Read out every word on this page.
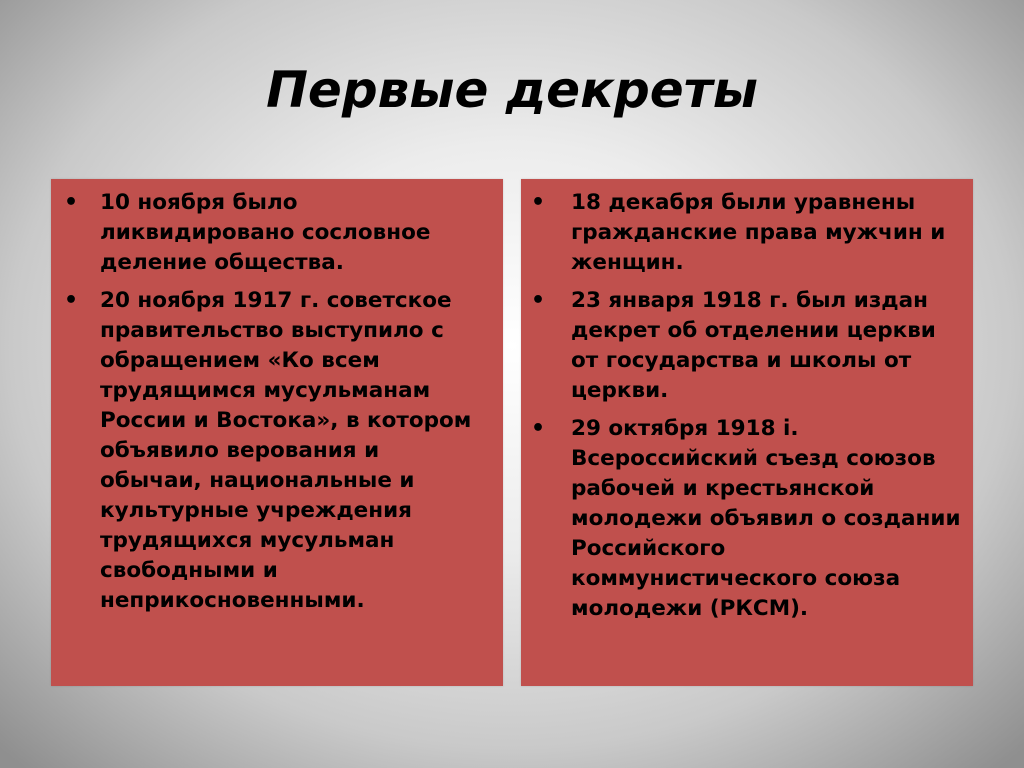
Первые декреты
•
10 ноября было ликвидировано сословное деление общества.
•
20 ноября 1917 г. советское правительство выступило с обращением «Ко всем трудящимся мусульманам России и Востока», в котором объявило верования и обычаи, национальные и культурные учреждения трудящихся мусульман свободными и неприкосновенными.
•
18 декабря были уравнены гражданские права мужчин и женщин.
•
23 января 1918 г. был издан декрет об отделении церкви от государства и школы от церкви.
•
29 октября 1918 і. Всероссийский съезд союзов рабочей и крестьянской молодежи объявил о создании Российского коммунистического союза молодежи (РКСМ).
